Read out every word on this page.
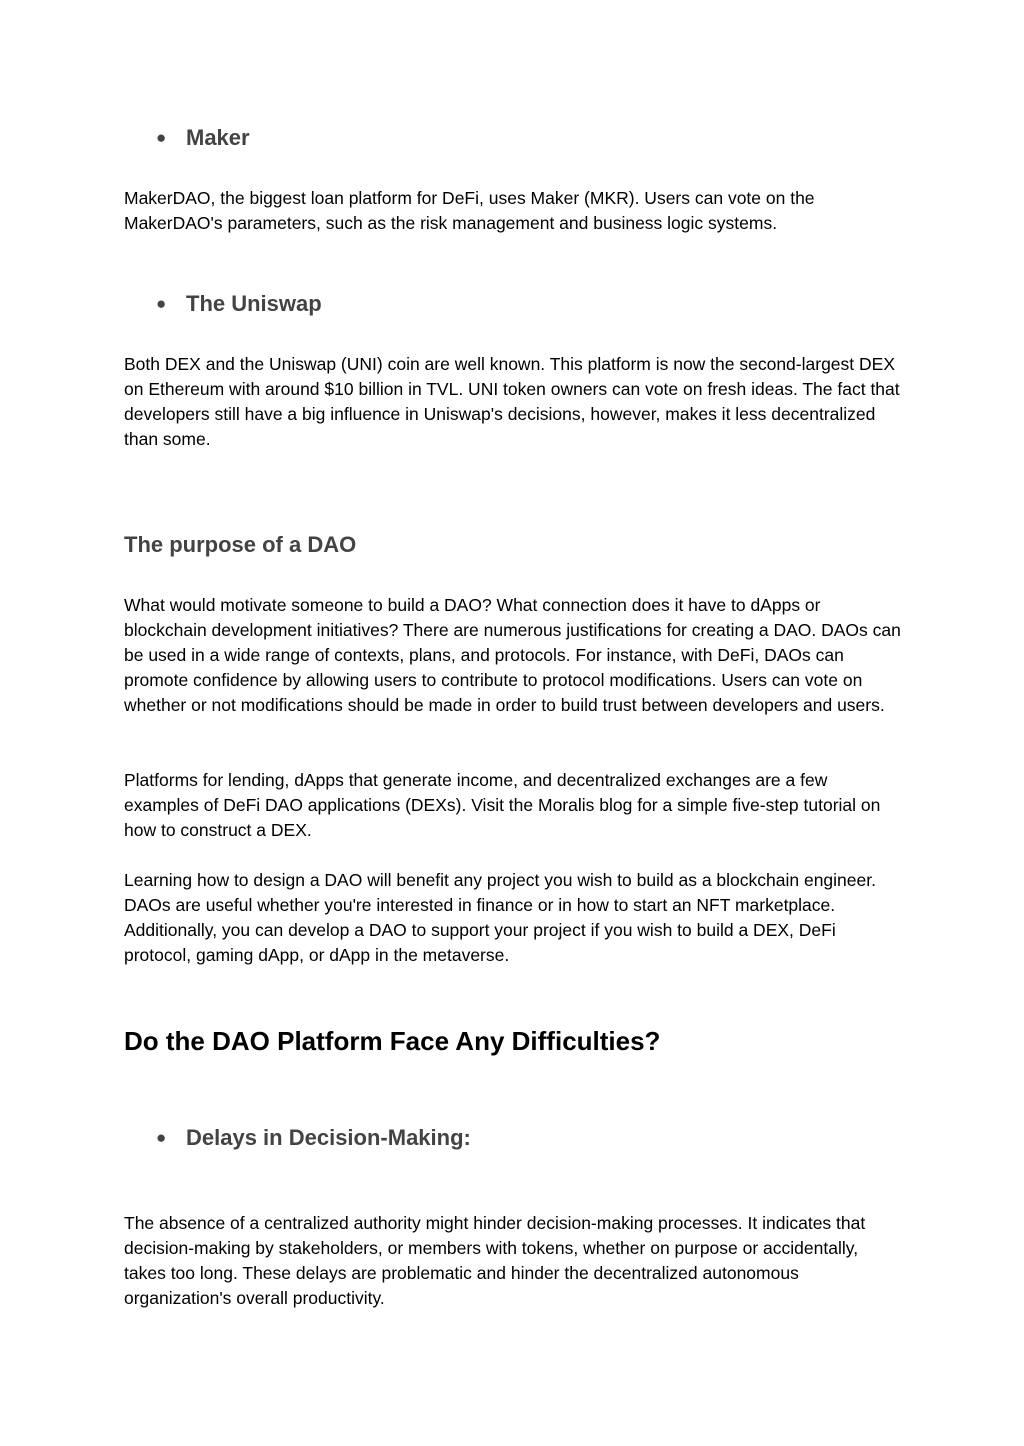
● Maker

MakerDAO, the biggest loan platform for DeFi, uses Maker (MKR). Users can vote on the MakerDAO's parameters, such as the risk management and business logic systems.

● The Uniswap

Both DEX and the Uniswap (UNI) coin are well known. This platform is now the second-largest DEX on Ethereum with around $10 billion in TVL. UNI token owners can vote on fresh ideas. The fact that developers still have a big influence in Uniswap's decisions, however, makes it less decentralized than some.

The purpose of a DAO

What would motivate someone to build a DAO? What connection does it have to dApps or blockchain development initiatives? There are numerous justifications for creating a DAO. DAOs can be used in a wide range of contexts, plans, and protocols. For instance, with DeFi, DAOs can promote confidence by allowing users to contribute to protocol modifications. Users can vote on whether or not modifications should be made in order to build trust between developers and users.

Platforms for lending, dApps that generate income, and decentralized exchanges are a few examples of DeFi DAO applications (DEXs). Visit the Moralis blog for a simple five-step tutorial on how to construct a DEX.

Learning how to design a DAO will benefit any project you wish to build as a blockchain engineer. DAOs are useful whether you're interested in finance or in how to start an NFT marketplace. Additionally, you can develop a DAO to support your project if you wish to build a DEX, DeFi protocol, gaming dApp, or dApp in the metaverse.

Do the DAO Platform Face Any Difficulties?
● Delays in Decision-Making:

The absence of a centralized authority might hinder decision-making processes. It indicates that decision-making by stakeholders, or members with tokens, whether on purpose or accidentally, takes too long. These delays are problematic and hinder the decentralized autonomous organization's overall productivity.
